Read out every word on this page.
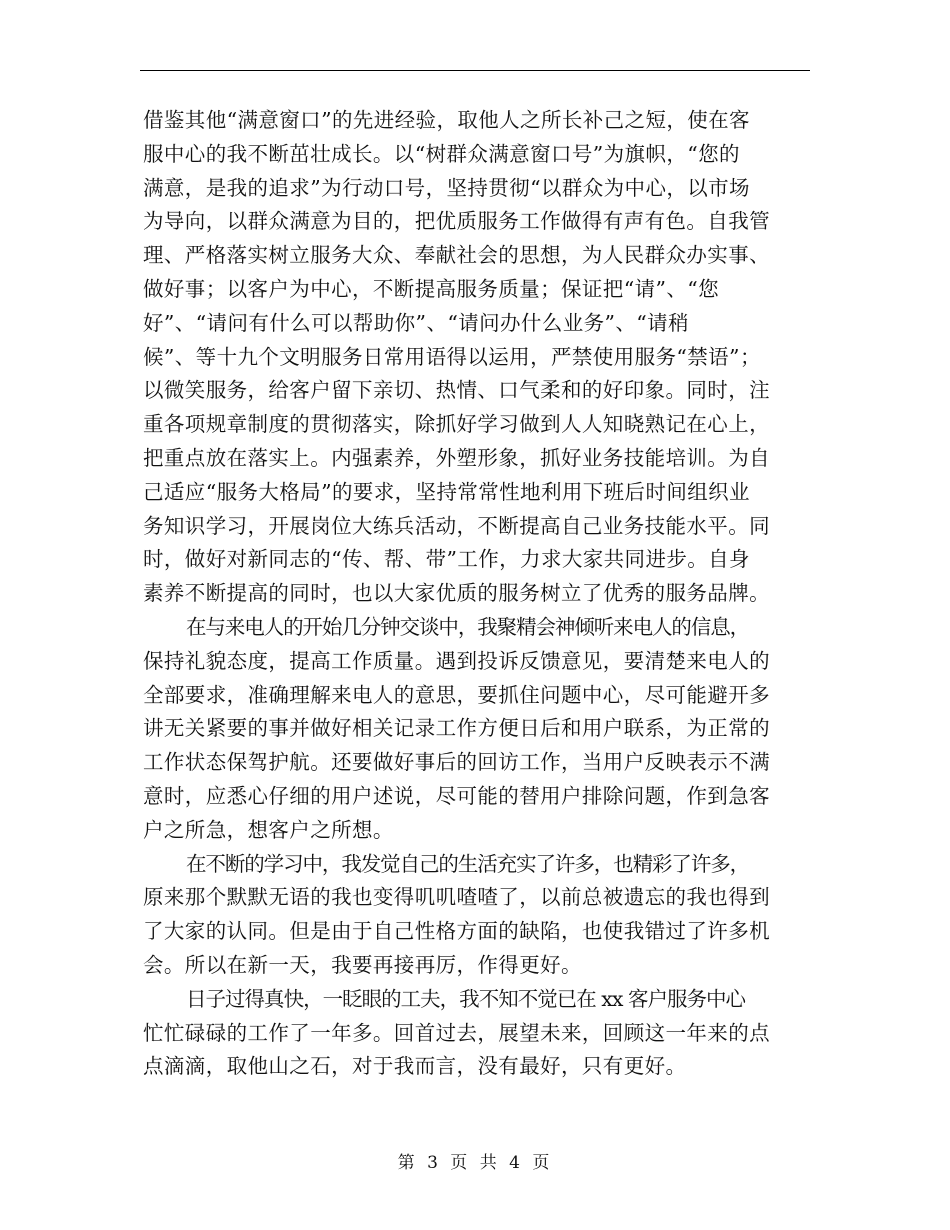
借鉴其他“满意窗口”的先进经验，取他人之所长补己之短，使在客
服中心的我不断茁壮成长。以“树群众满意窗口号”为旗帜，“您的
满意，是我的追求”为行动口号，坚持贯彻“以群众为中心，以市场
为导向，以群众满意为目的，把优质服务工作做得有声有色。自我管
理、严格落实树立服务大众、奉献社会的思想，为人民群众办实事、
做好事；以客户为中心，不断提高服务质量；保证把“请”、“您
好”、“请问有什么可以帮助你”、“请问办什么业务”、“请稍
候”、等十九个文明服务日常用语得以运用，严禁使用服务“禁语”；
以微笑服务，给客户留下亲切、热情、口气柔和的好印象。同时，注
重各项规章制度的贯彻落实，除抓好学习做到人人知晓熟记在心上，
把重点放在落实上。内强素养，外塑形象，抓好业务技能培训。为自
己适应“服务大格局”的要求，坚持常常性地利用下班后时间组织业
务知识学习，开展岗位大练兵活动，不断提高自己业务技能水平。同
时，做好对新同志的“传、帮、带”工作，力求大家共同进步。自身
素养不断提高的同时，也以大家优质的服务树立了优秀的服务品牌。
在与来电人的开始几分钟交谈中，我聚精会神倾听来电人的信息，
保持礼貌态度，提高工作质量。遇到投诉反馈意见，要清楚来电人的
全部要求，准确理解来电人的意思，要抓住问题中心，尽可能避开多
讲无关紧要的事并做好相关记录工作方便日后和用户联系，为正常的
工作状态保驾护航。还要做好事后的回访工作，当用户反映表示不满
意时，应悉心仔细的用户述说，尽可能的替用户排除问题，作到急客
户之所急，想客户之所想。
在不断的学习中，我发觉自己的生活充实了许多，也精彩了许多，
原来那个默默无语的我也变得叽叽喳喳了，以前总被遗忘的我也得到
了大家的认同。但是由于自己性格方面的缺陷，也使我错过了许多机
会。所以在新一天，我要再接再厉，作得更好。
日子过得真快，一眨眼的工夫，我不知不觉已在 xx 客户服务中心
忙忙碌碌的工作了一年多。回首过去，展望未来，回顾这一年来的点
点滴滴，取他山之石，对于我而言，没有最好，只有更好。
第 3 页 共 4 页
